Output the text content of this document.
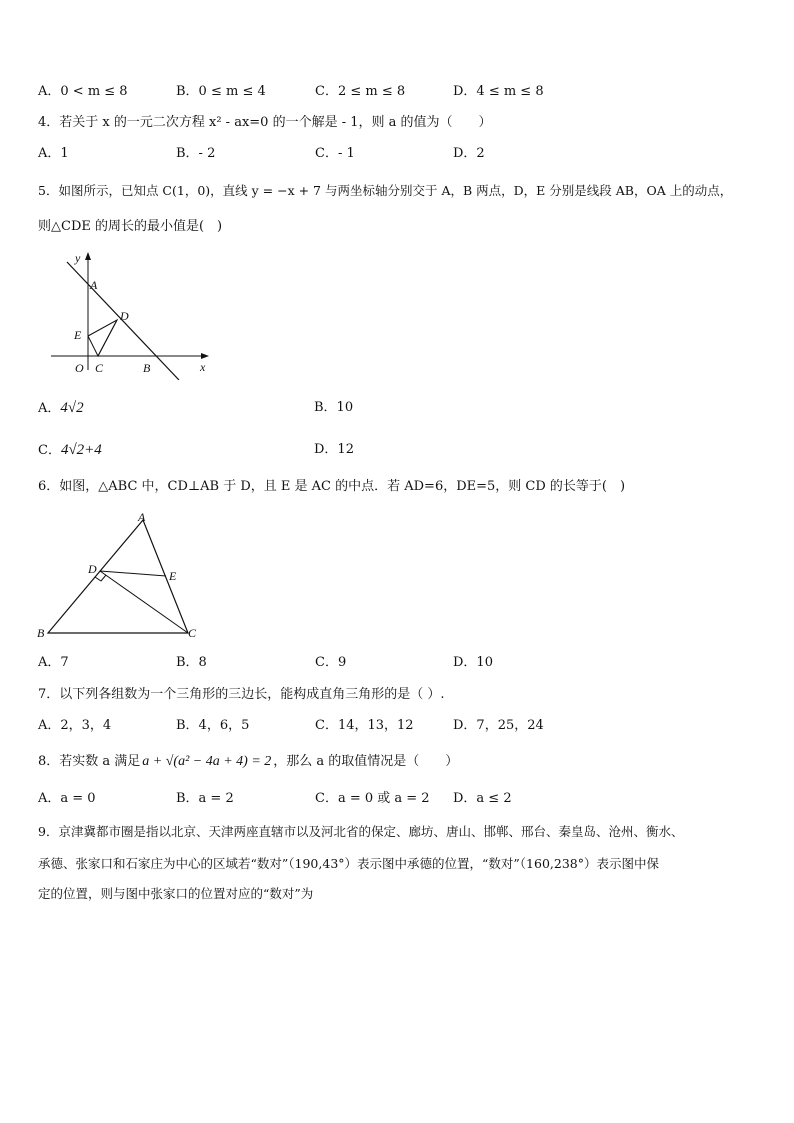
A．0 < m ≤ 8	B．0 ≤ m ≤ 4	C．2 ≤ m ≤ 8	D．4 ≤ m ≤ 8
4．若关于 x 的一元二次方程 x² - ax=0 的一个解是 - 1，则 a 的值为（　　）
A．1	B．- 2	C．- 1	D．2
5．如图所示，已知点 C(1，0)，直线 y = −x + 7 与两坐标轴分别交于 A，B 两点，D，E 分别是线段 AB，OA 上的动点，
则△CDE 的周长的最小值是(　)
y
x
A
D
E
O C	B
A．4√2	B．10
C．4√2+4	D．12
6．如图，△ABC 中，CD⊥AB 于 D，且 E 是 AC 的中点．若 AD=6，DE=5，则 CD 的长等于(　)
A
D	E
B	C
A．7	B．8	C．9	D．10
7．以下列各组数为一个三角形的三边长，能构成直角三角形的是（ ）.
A．2，3，4	B．4，6，5	C．14，13，12	D．7，25，24
8．若实数 a 满足 a + √(a² − 4a + 4) = 2 ，那么 a 的取值情况是（　　）
A．a = 0	B．a = 2	C．a = 0 或 a = 2 D．a ≤ 2
9．京津冀都市圈是指以北京、天津两座直辖市以及河北省的保定、廊坊、唐山、邯郸、邢台、秦皇岛、沧州、衡水、
承德、张家口和石家庄为中心的区域若“数对”（190,43°）表示图中承德的位置，“数对”（160,238°）表示图中保
定的位置，则与图中张家口的位置对应的“数对”为
